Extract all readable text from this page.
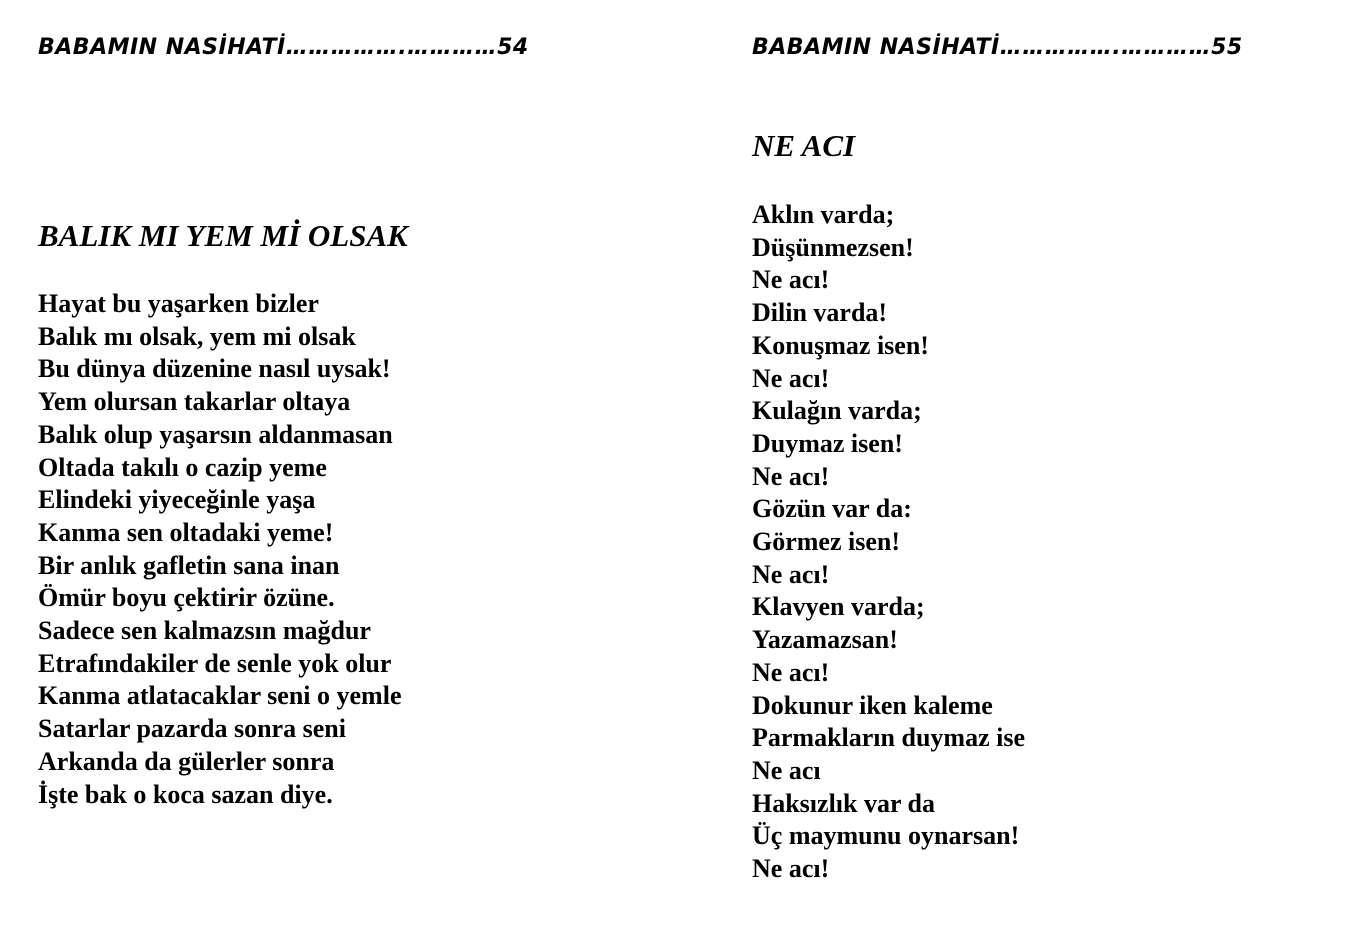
BABAMIN NASİHATİ…………….…………54
BALIK MI YEM Mİ OLSAK
Hayat bu yaşarken bizler
Balık mı olsak, yem mi olsak
Bu dünya düzenine nasıl uysak!
Yem olursan takarlar oltaya
Balık olup yaşarsın aldanmasan
Oltada takılı o cazip yeme
Elindeki yiyeceğinle yaşa
Kanma sen oltadaki yeme!
Bir anlık gafletin sana inan
Ömür boyu çektirir özüne.
Sadece sen kalmazsın mağdur
Etrafındakiler de senle yok olur
Kanma atlatacaklar seni o yemle
Satarlar pazarda sonra seni
Arkanda da gülerler sonra
İşte bak o koca sazan diye.
BABAMIN NASİHATİ…………….…………55
NE ACI
Aklın varda;
Düşünmezsen!
Ne acı!
Dilin varda!
Konuşmaz isen!
Ne acı!
Kulağın varda;
Duymaz isen!
Ne acı!
Gözün var da:
Görmez isen!
Ne acı!
Klavyen varda;
Yazamazsan!
Ne acı!
Dokunur iken kaleme
Parmakların duymaz ise
Ne acı
Haksızlık var da
Üç maymunu oynarsan!
Ne acı!
